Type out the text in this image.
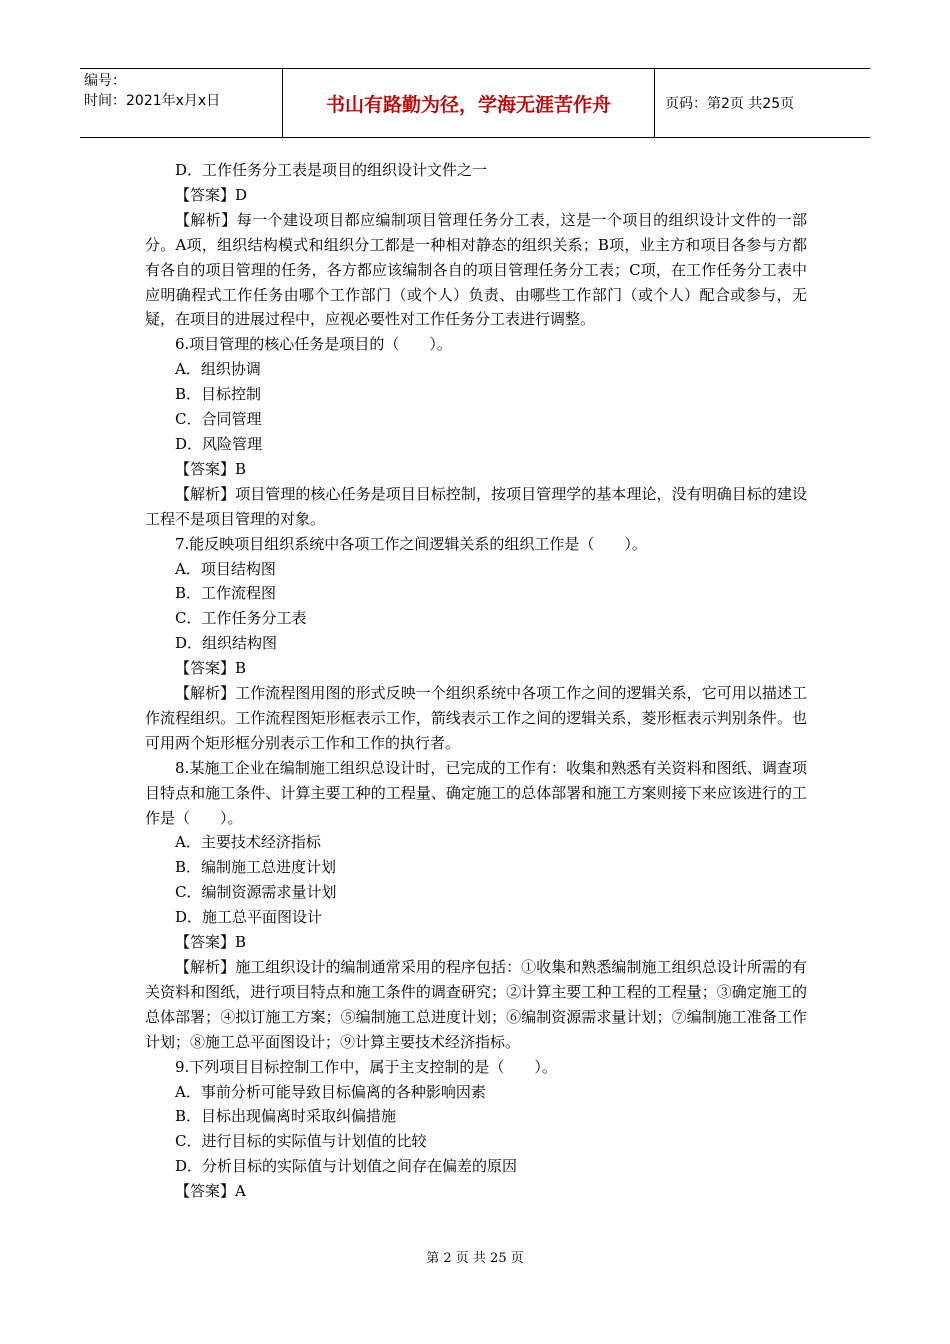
编号：
时间：2021年x月x日	书山有路勤为径，学海无涯苦作舟	页码：第2页 共25页

D．工作任务分工表是项目的组织设计文件之一

【答案】D

【解析】每一个建设项目都应编制项目管理任务分工表，这是一个项目的组织设计文件的一部分。A项，组织结构模式和组织分工都是一种相对静态的组织关系；B项，业主方和项目各参与方都有各自的项目管理的任务，各方都应该编制各自的项目管理任务分工表；C项，在工作任务分工表中应明确程式工作任务由哪个工作部门（或个人）负责、由哪些工作部门（或个人）配合或参与，无疑，在项目的进展过程中，应视必要性对工作任务分工表进行调整。

6.项目管理的核心任务是项目的（　　）。

A．组织协调

B．目标控制

C．合同管理

D．风险管理

【答案】B

【解析】项目管理的核心任务是项目目标控制，按项目管理学的基本理论，没有明确目标的建设工程不是项目管理的对象。

7.能反映项目组织系统中各项工作之间逻辑关系的组织工作是（　　）。

A．项目结构图

B．工作流程图

C．工作任务分工表

D．组织结构图

【答案】B

【解析】工作流程图用图的形式反映一个组织系统中各项工作之间的逻辑关系，它可用以描述工作流程组织。工作流程图矩形框表示工作，箭线表示工作之间的逻辑关系，菱形框表示判别条件。也可用两个矩形框分别表示工作和工作的执行者。

8.某施工企业在编制施工组织总设计时，已完成的工作有：收集和熟悉有关资料和图纸、调查项目特点和施工条件、计算主要工种的工程量、确定施工的总体部署和施工方案则接下来应该进行的工作是（　　）。

A．主要技术经济指标

B．编制施工总进度计划

C．编制资源需求量计划

D．施工总平面图设计

【答案】B

【解析】施工组织设计的编制通常采用的程序包括：①收集和熟悉编制施工组织总设计所需的有关资料和图纸，进行项目特点和施工条件的调查研究；②计算主要工种工程的工程量；③确定施工的总体部署；④拟订施工方案；⑤编制施工总进度计划；⑥编制资源需求量计划；⑦编制施工准备工作计划；⑧施工总平面图设计；⑨计算主要技术经济指标。

9.下列项目目标控制工作中，属于主支控制的是（　　）。

A．事前分析可能导致目标偏离的各种影响因素

B．目标出现偏离时采取纠偏措施

C．进行目标的实际值与计划值的比较

D．分析目标的实际值与计划值之间存在偏差的原因

【答案】A

第 2 页 共 25 页
